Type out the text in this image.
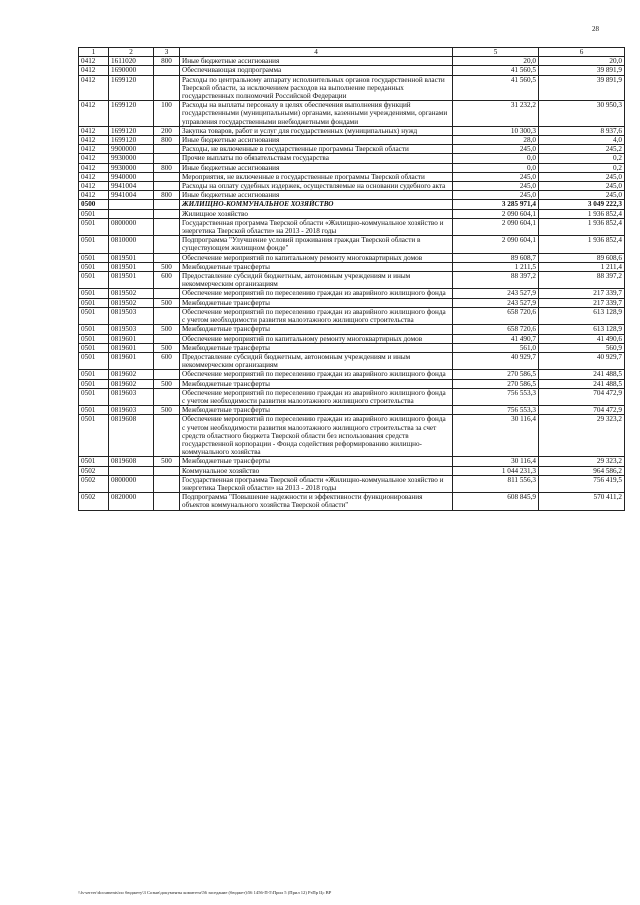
28
1	2	3	4	5	6
0412	1611020	800	Иные бюджетные ассигнования	20,0	20,0
0412	1690000		Обеспечивающая подпрограмма	41 560,5	39 891,9
0412	1699120		Расходы по центральному аппарату исполнительных органов государственной власти Тверской области, за исключением расходов на выполнение переданных государственных полномочий Российской Федерации	41 560,5	39 891,9
0412	1699120	100	Расходы на выплаты персоналу в целях обеспечения выполнения функций государственными (муниципальными) органами, казенными учреждениями, органами управления государственными внебюджетными фондами	31 232,2	30 950,3
0412	1699120	200	Закупка товаров, работ и услуг для государственных (муниципальных) нужд	10 300,3	8 937,6
0412	1699120	800	Иные бюджетные ассигнования	28,0	4,0
0412	9900000		Расходы, не включенные в государственные программы Тверской области	245,0	245,2
0412	9930000		Прочие выплаты по обязательствам государства	0,0	0,2
0412	9930000	800	Иные бюджетные ассигнования	0,0	0,2
0412	9940000		Мероприятия, не включенные в государственные программы Тверской области	245,0	245,0
0412	9941004		Расходы на оплату судебных издержек, осуществляемые на основании судебного акта	245,0	245,0
0412	9941004	800	Иные бюджетные ассигнования	245,0	245,0
0500			ЖИЛИЩНО-КОММУНАЛЬНОЕ ХОЗЯЙСТВО	3 285 971,4	3 049 222,3
0501			Жилищное хозяйство	2 090 604,1	1 936 852,4
0501	0800000		Государственная программа Тверской области «Жилищно-коммунальное хозяйство и энергетика Тверской области» на 2013 - 2018 годы	2 090 604,1	1 936 852,4
0501	0810000		Подпрограмма "Улучшение условий проживания граждан Тверской области в существующем жилищном фонде"	2 090 604,1	1 936 852,4
0501	0819501		Обеспечение мероприятий по капитальному ремонту многоквартирных домов	89 608,7	89 608,6
0501	0819501	500	Межбюджетные трансферты	1 211,5	1 211,4
0501	0819501	600	Предоставление субсидий бюджетным, автономным учреждениям и иным некоммерческим организациям	88 397,2	88 397,2
0501	0819502		Обеспечение мероприятий по переселению граждан из аварийного жилищного фонда	243 527,9	217 339,7
0501	0819502	500	Межбюджетные трансферты	243 527,9	217 339,7
0501	0819503		Обеспечение мероприятий по переселению граждан из аварийного жилищного фонда с учетом необходимости развития малоэтажного жилищного строительства	658 720,6	613 128,9
0501	0819503	500	Межбюджетные трансферты	658 720,6	613 128,9
0501	0819601		Обеспечение мероприятий по капитальному ремонту многоквартирных домов	41 490,7	41 490,6
0501	0819601	500	Межбюджетные трансферты	561,0	560,9
0501	0819601	600	Предоставление субсидий бюджетным, автономным учреждениям и иным некоммерческим организациям	40 929,7	40 929,7
0501	0819602		Обеспечение мероприятий по переселению граждан из аварийного жилищного фонда	270 586,5	241 488,5
0501	0819602	500	Межбюджетные трансферты	270 586,5	241 488,5
0501	0819603		Обеспечение мероприятий по переселению граждан из аварийного жилищного фонда с учетом необходимости развития малоэтажного жилищного строительства	756 553,3	704 472,9
0501	0819603	500	Межбюджетные трансферты	756 553,3	704 472,9
0501	0819608		Обеспечение мероприятий по переселению граждан из аварийного жилищного фонда с учетом необходимости развития малоэтажного жилищного строительства за счет средств областного бюджета Тверской области без использования средств государственной корпорации - Фонда содействия реформированию жилищно-коммунального хозяйства	30 116,4	29 323,2
0501	0819608	500	Межбюджетные трансферты	30 116,4	29 323,2
0502			Коммунальное хозяйство	1 044 231,3	964 586,2
0502	0800000		Государственная программа Тверской области «Жилищно-коммунальное хозяйство и энергетика Тверской области» на 2013 - 2018 годы	811 556,3	756 419,5
0502	0820000		Подпрограмма "Повышение надежности и эффективности функционирования объектов коммунального хозяйства Тверской области"	608 845,9	570 411,2
\\fs-server\documents\по бюджету\3 Созыв\документы комитета\56 заседание (бюджет)\56 1456-П-5\Прил 5 (Прил 12) РзПр Цс ВР
